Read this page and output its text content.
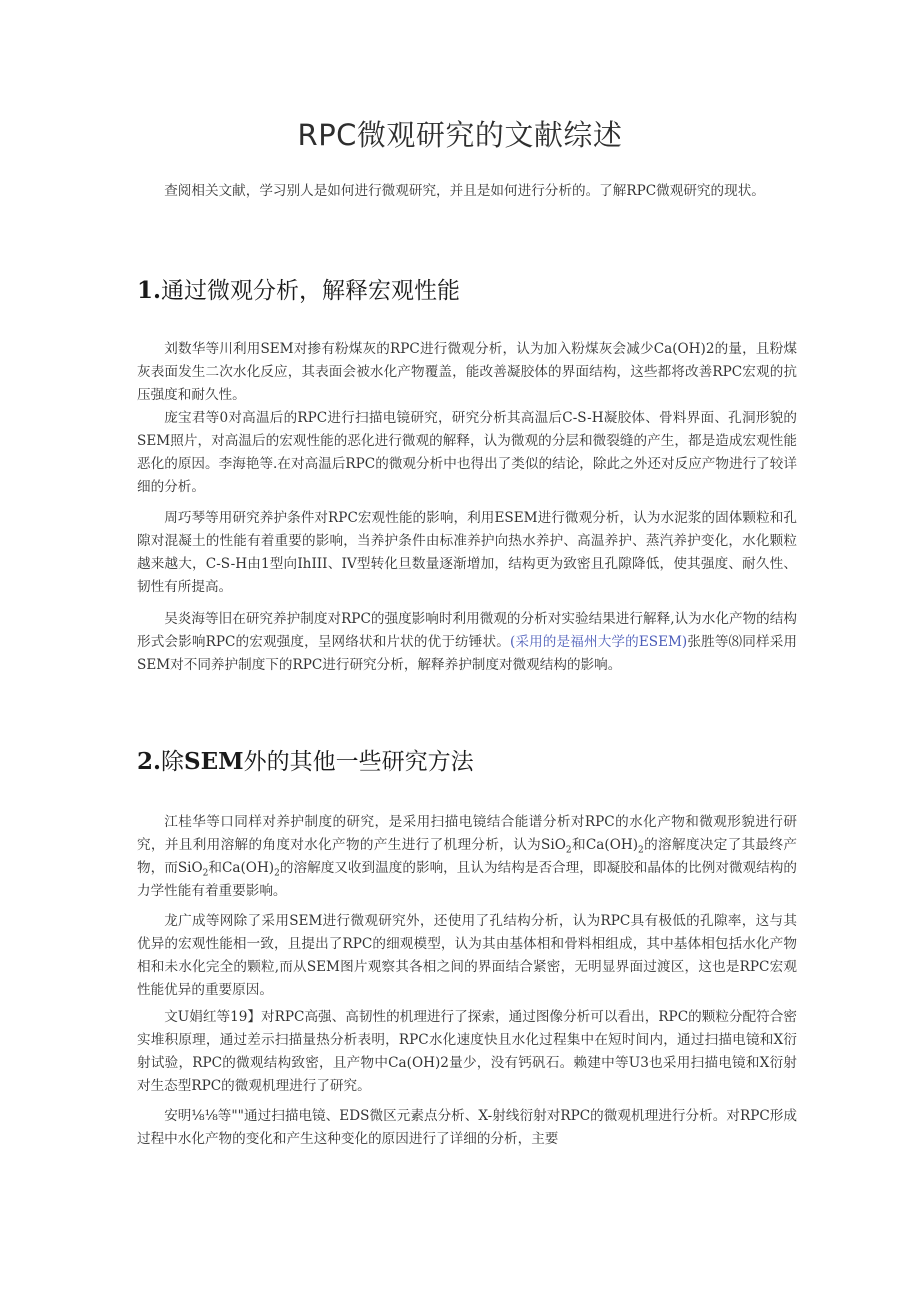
RPC微观研究的文献综述

查阅相关文献，学习别人是如何进行微观研究，并且是如何进行分析的。了解RPC微观研究的现状。

1.通过微观分析，解释宏观性能

刘数华等川利用SEM对掺有粉煤灰的RPC进行微观分析，认为加入粉煤灰会减少Ca(OH)2的量，且粉煤灰表面发生二次水化反应，其表面会被水化产物覆盖，能改善凝胶体的界面结构，这些都将改善RPC宏观的抗压强度和耐久性。

庞宝君等0对高温后的RPC进行扫描电镜研究，研究分析其高温后C-S-H凝胶体、骨料界面、孔洞形貌的SEM照片，对高温后的宏观性能的恶化进行微观的解释，认为微观的分层和微裂缝的产生，都是造成宏观性能恶化的原因。李海艳等.在对高温后RPC的微观分析中也得出了类似的结论，除此之外还对反应产物进行了较详细的分析。

周巧琴等用研究养护条件对RPC宏观性能的影响，利用ESEM进行微观分析，认为水泥浆的固体颗粒和孔隙对混凝土的性能有着重要的影响，当养护条件由标准养护向热水养护、高温养护、蒸汽养护变化，水化颗粒越来越大，C-S-H由1型向IhIII、IV型转化旦数量逐渐增加，结构更为致密且孔隙降低，使其强度、耐久性、韧性有所提高。

吴炎海等旧在研究养护制度对RPC的强度影响时利用微观的分析对实验结果进行解释,认为水化产物的结构形式会影响RPC的宏观强度，呈网络状和片状的优于纺锤状。(采用的是福州大学的ESEM)张胜等⑻同样采用SEM对不同养护制度下的RPC进行研究分析，解释养护制度对微观结构的影响。

2.除SEM外的其他一些研究方法

江桂华等口同样对养护制度的研究，是采用扫描电镜结合能谱分析对RPC的水化产物和微观形貌进行研究，并且利用溶解的角度对水化产物的产生进行了机理分析，认为SiO$_2$和$Ca(OH)_2$的溶解度决定了其最终产物，而SiO$_2$和$Ca(OH)_2$的溶解度又收到温度的影响，且认为结构是否合理，即凝胶和晶体的比例对微观结构的力学性能有着重要影响。

龙广成等网除了采用SEM进行微观研究外，还使用了孔结构分析，认为RPC具有极低的孔隙率，这与其优异的宏观性能相一致，且提出了RPC的细观模型，认为其由基体相和骨料相组成，其中基体相包括水化产物相和未水化完全的颗粒,而从SEM图片观察其各相之间的界面结合紧密，无明显界面过渡区，这也是RPC宏观性能优异的重要原因。

文U娟红等19】对RPC高强、高韧性的机理进行了探索，通过图像分析可以看出，RPC的颗粒分配符合密实堆积原理，通过差示扫描量热分析表明，RPC水化速度快且水化过程集中在短时间内，通过扫描电镜和X衍射试验，RPC的微观结构致密，且产物中Ca(OH)2量少，没有钙矾石。赖建中等U3也采用扫描电镜和X衍射对生态型RPC的微观机理进行了研究。

安明⅛⅛等""通过扫描电镜、EDS微区元素点分析、X-射线衍射对RPC的微观机理进行分析。对RPC形成过程中水化产物的变化和产生这种变化的原因进行了详细的分析，主要
